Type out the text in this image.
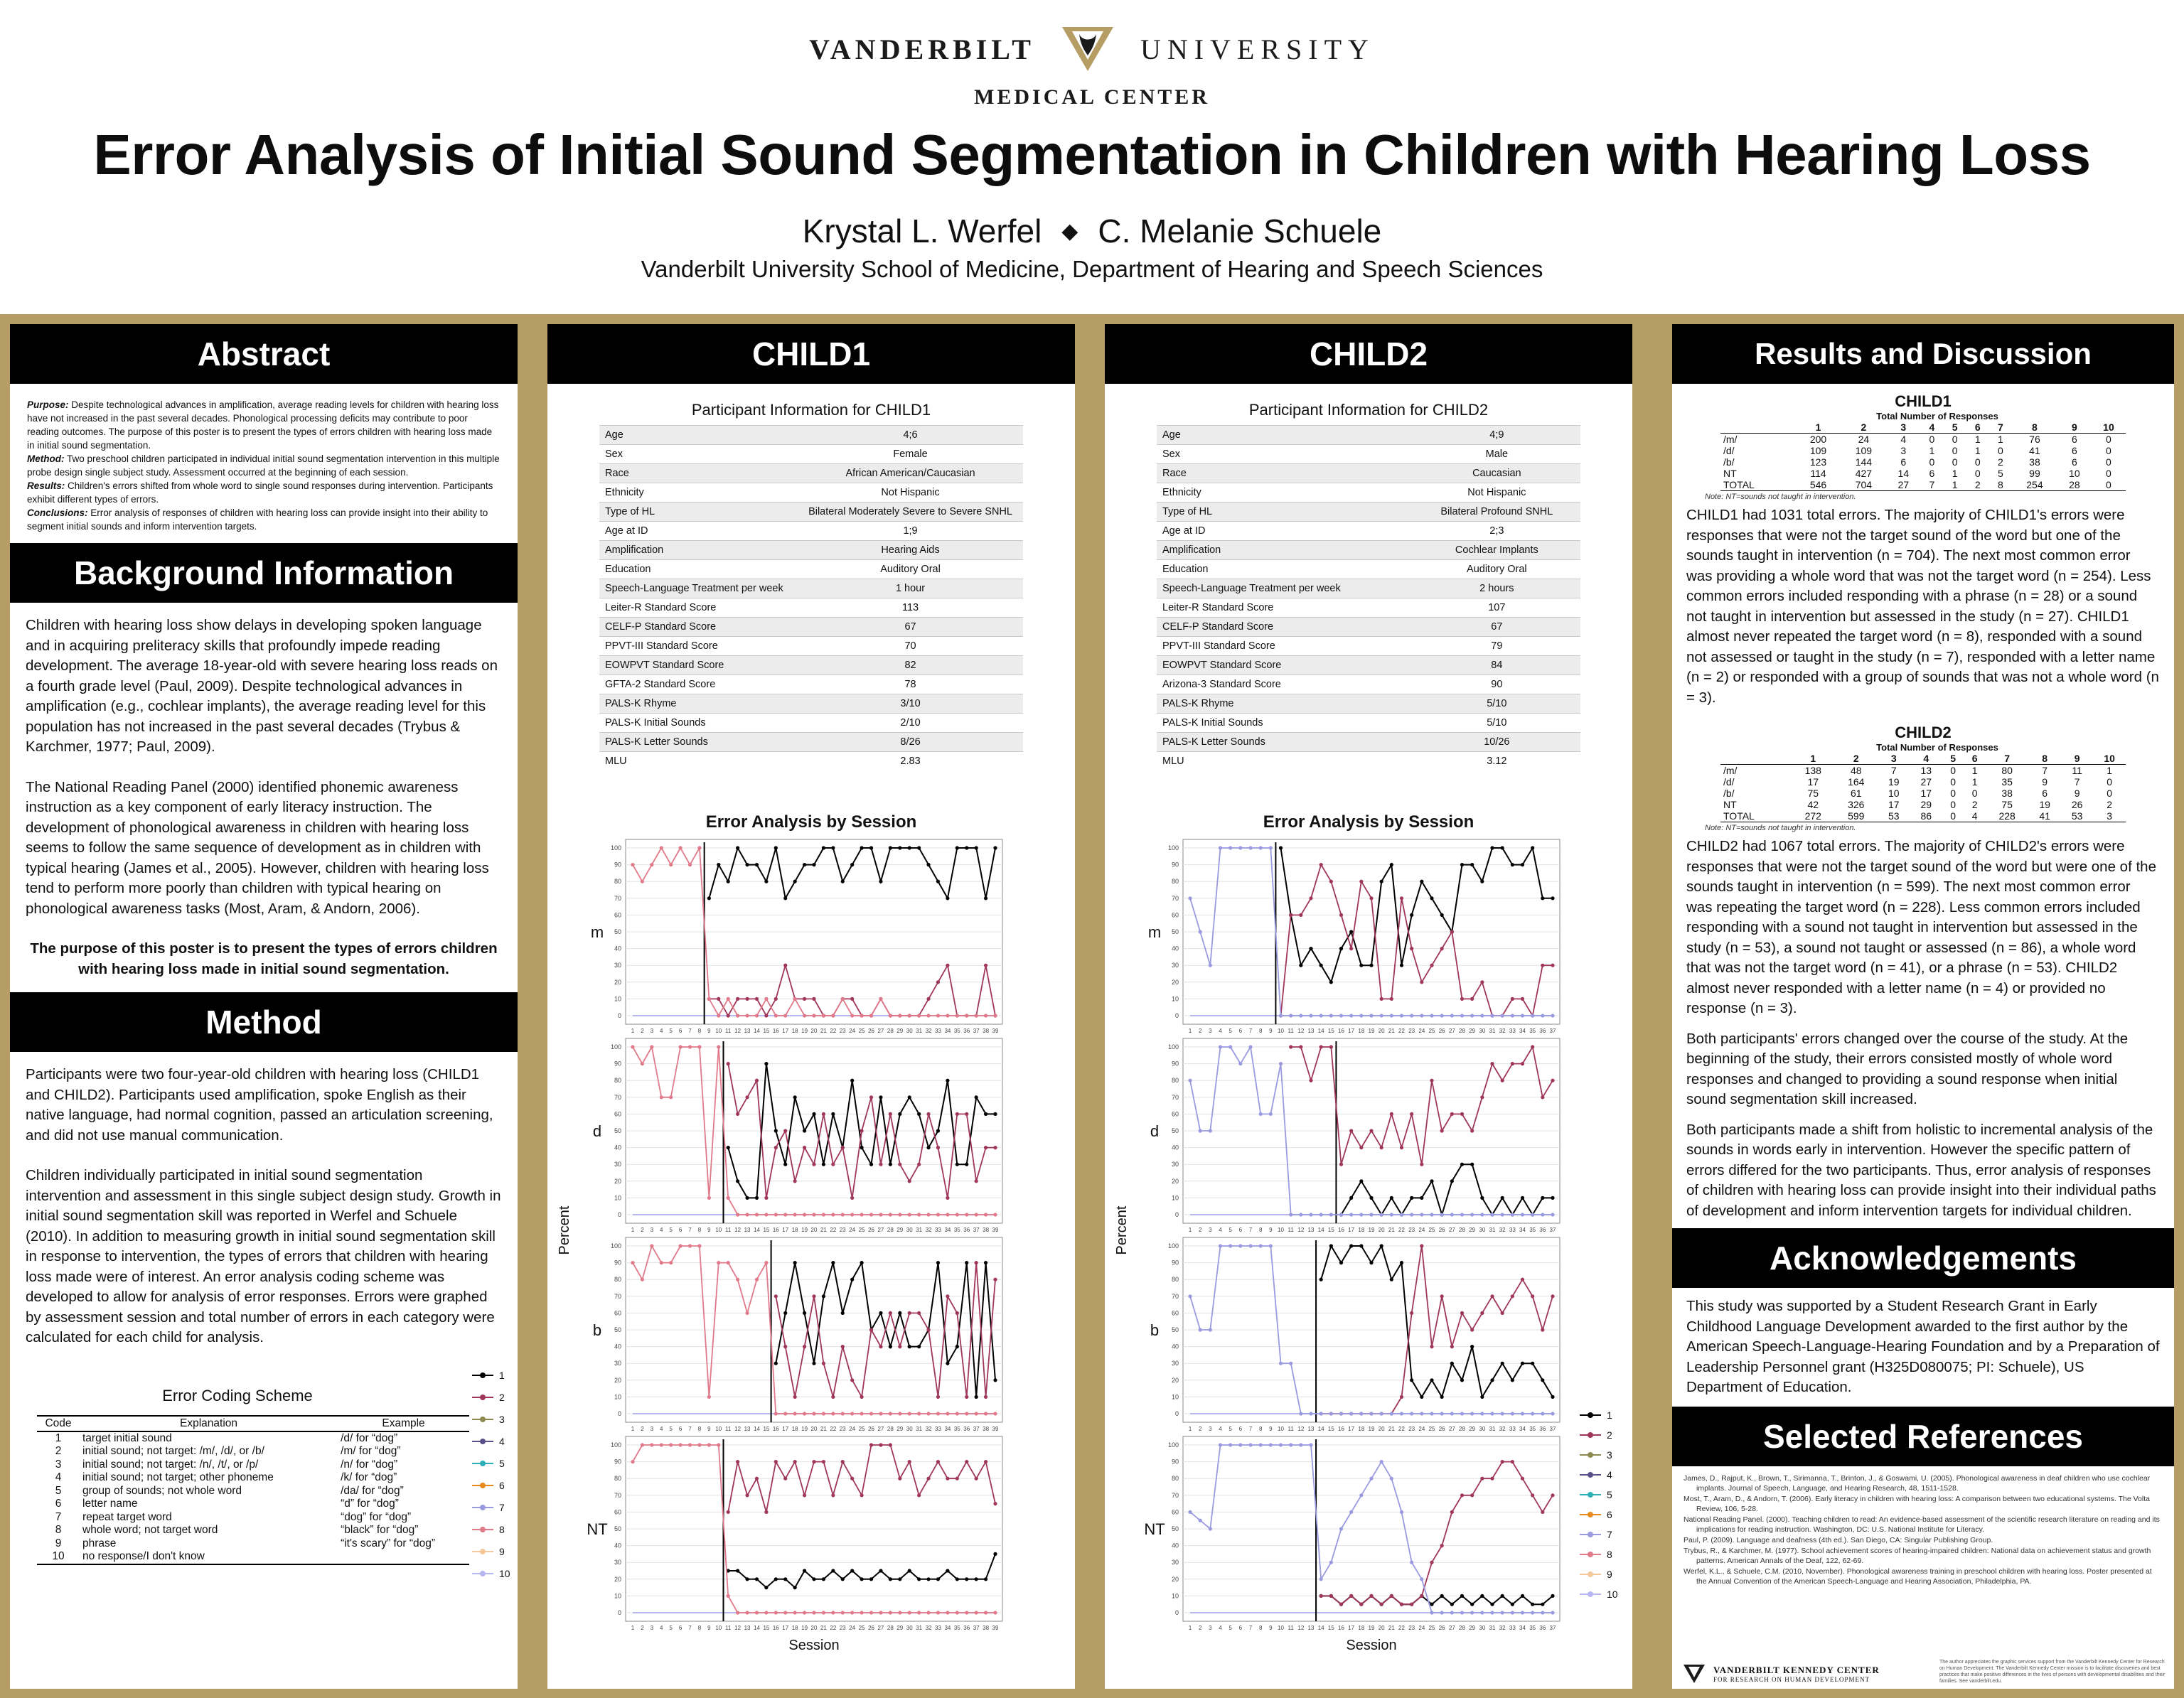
VANDERBILT	UNIVERSITY
MEDICAL CENTER
Error Analysis of Initial Sound Segmentation in Children with Hearing Loss
Krystal L. Werfel ◆ C. Melanie Schuele
Vanderbilt University School of Medicine, Department of Hearing and Speech Sciences
Abstract
Purpose: Despite technological advances in amplification, average reading levels for children with hearing loss have not increased in the past several decades. Phonological processing deficits may contribute to poor reading outcomes. The purpose of this poster is to present the types of errors children with hearing loss made in initial sound segmentation.
Method: Two preschool children participated in individual initial sound segmentation intervention in this multiple probe design single subject study. Assessment occurred at the beginning of each session.
Results: Children's errors shifted from whole word to single sound responses during intervention. Participants exhibit different types of errors.
Conclusions: Error analysis of responses of children with hearing loss can provide insight into their ability to segment initial sounds and inform intervention targets.
Background Information

Children with hearing loss show delays in developing spoken language and in acquiring preliteracy skills that profoundly impede reading development. The average 18-year-old with severe hearing loss reads on a fourth grade level (Paul, 2009). Despite technological advances in amplification (e.g., cochlear implants), the average reading level for this population has not increased in the past several decades (Trybus & Karchmer, 1977; Paul, 2009).

The National Reading Panel (2000) identified phonemic awareness instruction as a key component of early literacy instruction. The development of phonological awareness in children with hearing loss seems to follow the same sequence of development as in children with typical hearing (James et al., 2005). However, children with hearing loss tend to perform more poorly than children with typical hearing on phonological awareness tasks (Most, Aram, & Andorn, 2006).

The purpose of this poster is to present the types of errors children with hearing loss made in initial sound segmentation.

Method

Participants were two four-year-old children with hearing loss (CHILD1 and CHILD2). Participants used amplification, spoke English as their native language, had normal cognition, passed an articulation screening, and did not use manual communication.

Children individually participated in initial sound segmentation intervention and assessment in this single subject design study. Growth in initial sound segmentation skill was reported in Werfel and Schuele (2010). In addition to measuring growth in initial sound segmentation skill in response to intervention, the types of errors that children with hearing loss made were of interest. An error analysis coding scheme was developed to allow for analysis of error responses. Errors were graphed by assessment session and total number of errors in each category were calculated for each child for analysis.

Error Coding Scheme
Code	Explanation	Example
1	target initial sound	/d/ for “dog”
2	initial sound; not target: /m/, /d/, or /b/	/m/ for “dog”
3	initial sound; not target: /n/, /t/, or /p/	/n/ for “dog”
4	initial sound; not target; other phoneme	/k/ for “dog”
5	group of sounds; not whole word	/da/ for “dog”
6	letter name	“d” for “dog”
7	repeat target word	“dog” for “dog”
8	whole word; not target word	“black” for “dog”
9	phrase	“it's scary” for “dog”
10	no response/I don't know	
1
2
3
4
5
6
7
8
9
10
CHILD1
Participant Information for CHILD1
Age	4;6
Sex	Female
Race	African American/Caucasian
Ethnicity	Not Hispanic
Type of HL	Bilateral Moderately Severe to Severe SNHL
Age at ID	1;9
Amplification	Hearing Aids
Education	Auditory Oral
Speech-Language Treatment per week	1 hour
Leiter-R Standard Score	113
CELF-P Standard Score	67
PPVT-III Standard Score	70
EOWPVT Standard Score	82
GFTA-2 Standard Score	78
PALS-K Rhyme	3/10
PALS-K Initial Sounds	2/10
PALS-K Letter Sounds	8/26
MLU	2.83
Error Analysis by Session
0
10
20
30
40
50
60
70
80
90
100
1 2 3 4 5 6 7 8 9 10 11 12 13 14 15 16 17 18 19 20 21 22 23 24 25 26 27 28 29 30 31 32 33 34 35 36 37 38 39
m
0
10
20
30
40
50
60
70
80
90
100
1 2 3 4 5 6 7 8 9 10 11 12 13 14 15 16 17 18 19 20 21 22 23 24 25 26 27 28 29 30 31 32 33 34 35 36 37 38 39
d
0
10
20
30
40
50
60
70
80
90
100
1 2 3 4 5 6 7 8 9 10 11 12 13 14 15 16 17 18 19 20 21 22 23 24 25 26 27 28 29 30 31 32 33 34 35 36 37 38 39
b
0
10
20
30
40
50
60
70
80
90
100
1 2 3 4 5 6 7 8 9 10 11 12 13 14 15 16 17 18 19 20 21 22 23 24 25 26 27 28 29 30 31 32 33 34 35 36 37 38 39
NT
Percent
Session
CHILD2
Participant Information for CHILD2
Age	4;9
Sex	Male
Race	Caucasian
Ethnicity	Not Hispanic
Type of HL	Bilateral Profound SNHL
Age at ID	2;3
Amplification	Cochlear Implants
Education	Auditory Oral
Speech-Language Treatment per week	2 hours
Leiter-R Standard Score	107
CELF-P Standard Score	67
PPVT-III Standard Score	79
EOWPVT Standard Score	84
Arizona-3 Standard Score	90
PALS-K Rhyme	5/10
PALS-K Initial Sounds	5/10
PALS-K Letter Sounds	10/26
MLU	3.12
Error Analysis by Session
0
10
20
30
40
50
60
70
80
90
100
1 2 3 4 5 6 7 8 9 10 11 12 13 14 15 16 17 18 19 20 21 22 23 24 25 26 27 28 29 30 31 32 33 34 35 36 37
m
0
10
20
30
40
50
60
70
80
90
100
1 2 3 4 5 6 7 8 9 10 11 12 13 14 15 16 17 18 19 20 21 22 23 24 25 26 27 28 29 30 31 32 33 34 35 36 37
d
0
10
20
30
40
50
60
70
80
90
100
1 2 3 4 5 6 7 8 9 10 11 12 13 14 15 16 17 18 19 20 21 22 23 24 25 26 27 28 29 30 31 32 33 34 35 36 37
b
0
10
20
30
40
50
60
70
80
90
100
1 2 3 4 5 6 7 8 9 10 11 12 13 14 15 16 17 18 19 20 21 22 23 24 25 26 27 28 29 30 31 32 33 34 35 36 37
NT
Percent
Session
1
2
3
4
5
6
7
8
9
10
Results and Discussion
CHILD1
Total Number of Responses
	1	2	3	4	5	6	7	8	9	10
/m/	200	24	4	0	0	1	1	76	6	0
/d/	109	109	3	1	0	1	0	41	6	0
/b/	123	144	6	0	0	0	2	38	6	0
NT	114	427	14	6	1	0	5	99	10	0
TOTAL	546	704	27	7	1	2	8	254	28	0
Note: NT=sounds not taught in intervention.

CHILD1 had 1031 total errors. The majority of CHILD1's errors were responses that were not the target sound of the word but one of the sounds taught in intervention (n = 704). The next most common error was providing a whole word that was not the target word (n = 254). Less common errors included responding with a phrase (n = 28) or a sound not taught in intervention but assessed in the study (n = 27). CHILD1 almost never repeated the target word (n = 8), responded with a sound not assessed or taught in the study (n = 7), responded with a letter name (n = 2) or responded with a group of sounds that was not a whole word (n = 3).

CHILD2
Total Number of Responses
	1	2	3	4	5	6	7	8	9	10
/m/	138	48	7	13	0	1	80	7	11	1
/d/	17	164	19	27	0	1	35	9	7	0
/b/	75	61	10	17	0	0	38	6	9	0
NT	42	326	17	29	0	2	75	19	26	2
TOTAL	272	599	53	86	0	4	228	41	53	3
Note: NT=sounds not taught in intervention.

CHILD2 had 1067 total errors. The majority of CHILD2's errors were responses that were not the target sound of the word but were one of the sounds taught in intervention (n = 599). The next most common error was repeating the target word (n = 228). Less common errors included responding with a sound not taught in intervention but assessed in the study (n = 53), a sound not taught or assessed (n = 86), a whole word that was not the target word (n = 41), or a phrase (n = 53). CHILD2 almost never responded with a letter name (n = 4) or provided no response (n = 3).

Both participants' errors changed over the course of the study. At the beginning of the study, their errors consisted mostly of whole word responses and changed to providing a sound response when initial sound segmentation skill increased.

Both participants made a shift from holistic to incremental analysis of the sounds in words early in intervention. However the specific pattern of errors differed for the two participants. Thus, error analysis of responses of children with hearing loss can provide insight into their individual paths of development and inform intervention targets for individual children.

Acknowledgements
This study was supported by a Student Research Grant in Early Childhood Language Development awarded to the first author by the American Speech-Language-Hearing Foundation and by a Preparation of Leadership Personnel grant (H325D080075; PI: Schuele), US Department of Education.
Selected References

James, D., Rajput, K., Brown, T., Sirimanna, T., Brinton, J., & Goswami, U. (2005). Phonological awareness in deaf children who use cochlear implants. Journal of Speech, Language, and Hearing Research, 48, 1511-1528.

Most, T., Aram, D., & Andorn, T. (2006). Early literacy in children with hearing loss: A comparison between two educational systems. The Volta Review, 106, 5-28.

National Reading Panel. (2000). Teaching children to read: An evidence-based assessment of the scientific research literature on reading and its implications for reading instruction. Washington, DC: U.S. National Institute for Literacy.

Paul, P. (2009). Language and deafness (4th ed.). San Diego, CA: Singular Publishing Group.

Trybus, R., & Karchmer, M. (1977). School achievement scores of hearing-impaired children: National data on achievement status and growth patterns. American Annals of the Deaf, 122, 62-69.

Werfel, K.L., & Schuele, C.M. (2010, November). Phonological awareness training in preschool children with hearing loss. Poster presented at the Annual Convention of the American Speech-Language and Hearing Association, Philadelphia, PA.

VANDERBILT KENNEDY CENTER
FOR RESEARCH ON HUMAN DEVELOPMENT
The author appreciates the graphic services support from the Vanderbilt Kennedy Center for Research on Human Development. The Vanderbilt Kennedy Center mission is to facilitate discoveries and best practices that make positive differences in the lives of persons with developmental disabilities and their families. See vanderbilt.edu.
